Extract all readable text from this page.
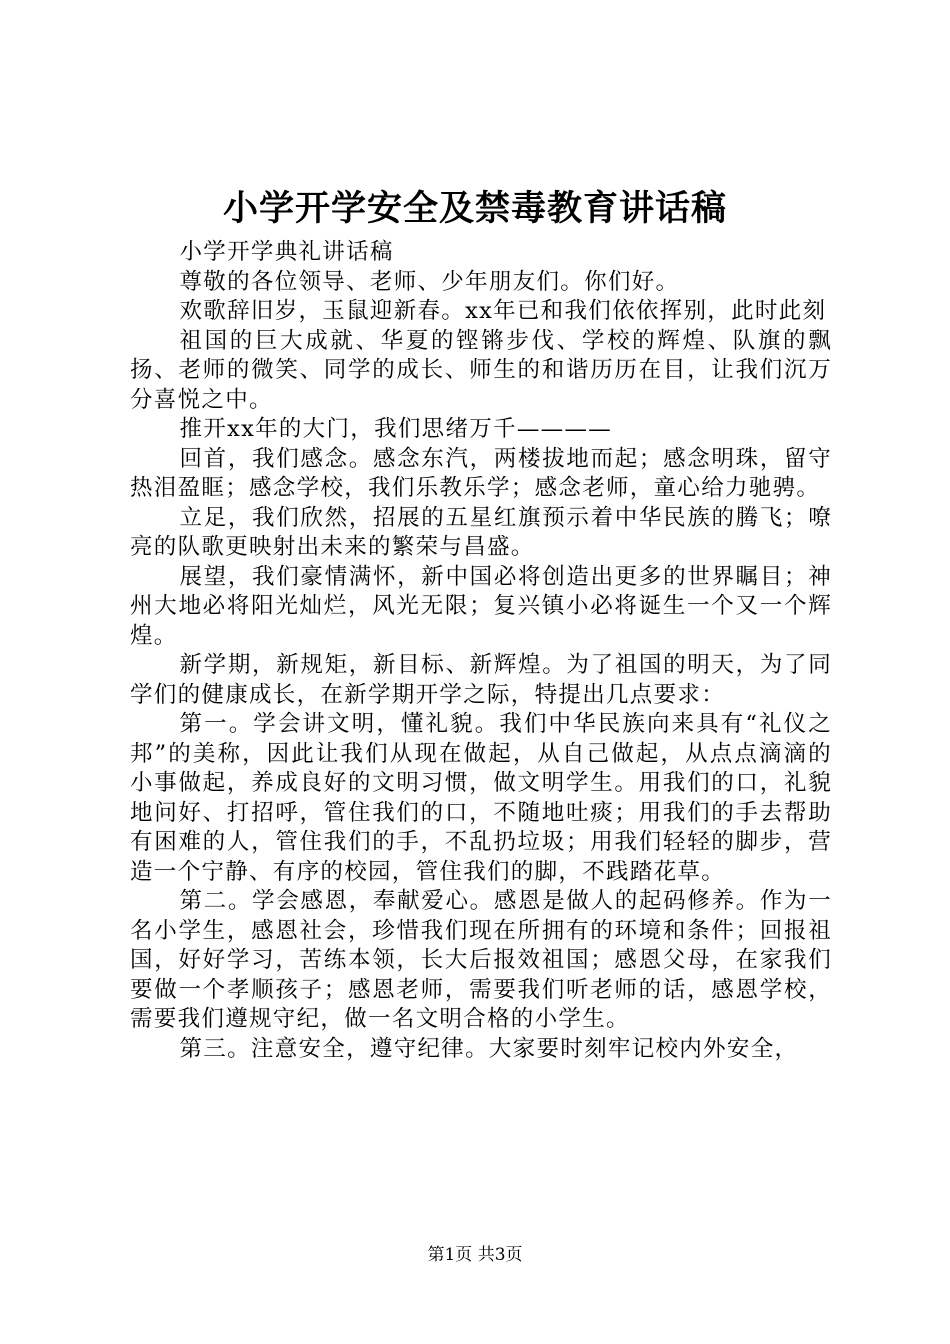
小学开学安全及禁毒教育讲话稿

小学开学典礼讲话稿

尊敬的各位领导、老师、少年朋友们。你们好。

欢歌辞旧岁，玉鼠迎新春。xx年已和我们依依挥别，此时此刻

祖国的巨大成就、华夏的铿锵步伐、学校的辉煌、队旗的飘扬、老师的微笑、同学的成长、师生的和谐历历在目，让我们沉万分喜悦之中。

推开xx年的大门，我们思绪万千————

回首，我们感念。感念东汽，两楼拔地而起；感念明珠，留守热泪盈眶；感念学校，我们乐教乐学；感念老师，童心给力驰骋。

立足，我们欣然，招展的五星红旗预示着中华民族的腾飞；嘹亮的队歌更映射出未来的繁荣与昌盛。

展望，我们豪情满怀，新中国必将创造出更多的世界瞩目；神州大地必将阳光灿烂，风光无限；复兴镇小必将诞生一个又一个辉煌。

新学期，新规矩，新目标、新辉煌。为了祖国的明天，为了同学们的健康成长，在新学期开学之际，特提出几点要求：

第一。学会讲文明，懂礼貌。我们中华民族向来具有“礼仪之邦”的美称，因此让我们从现在做起，从自己做起，从点点滴滴的小事做起，养成良好的文明习惯，做文明学生。用我们的口，礼貌地问好、打招呼，管住我们的口，不随地吐痰；用我们的手去帮助有困难的人，管住我们的手，不乱扔垃圾；用我们轻轻的脚步，营造一个宁静、有序的校园，管住我们的脚，不践踏花草。

第二。学会感恩，奉献爱心。感恩是做人的起码修养。作为一名小学生，感恩社会，珍惜我们现在所拥有的环境和条件；回报祖国，好好学习，苦练本领，长大后报效祖国；感恩父母，在家我们要做一个孝顺孩子；感恩老师，需要我们听老师的话，感恩学校，需要我们遵规守纪，做一名文明合格的小学生。

第三。注意安全，遵守纪律。大家要时刻牢记校内外安全，

第1页 共3页
